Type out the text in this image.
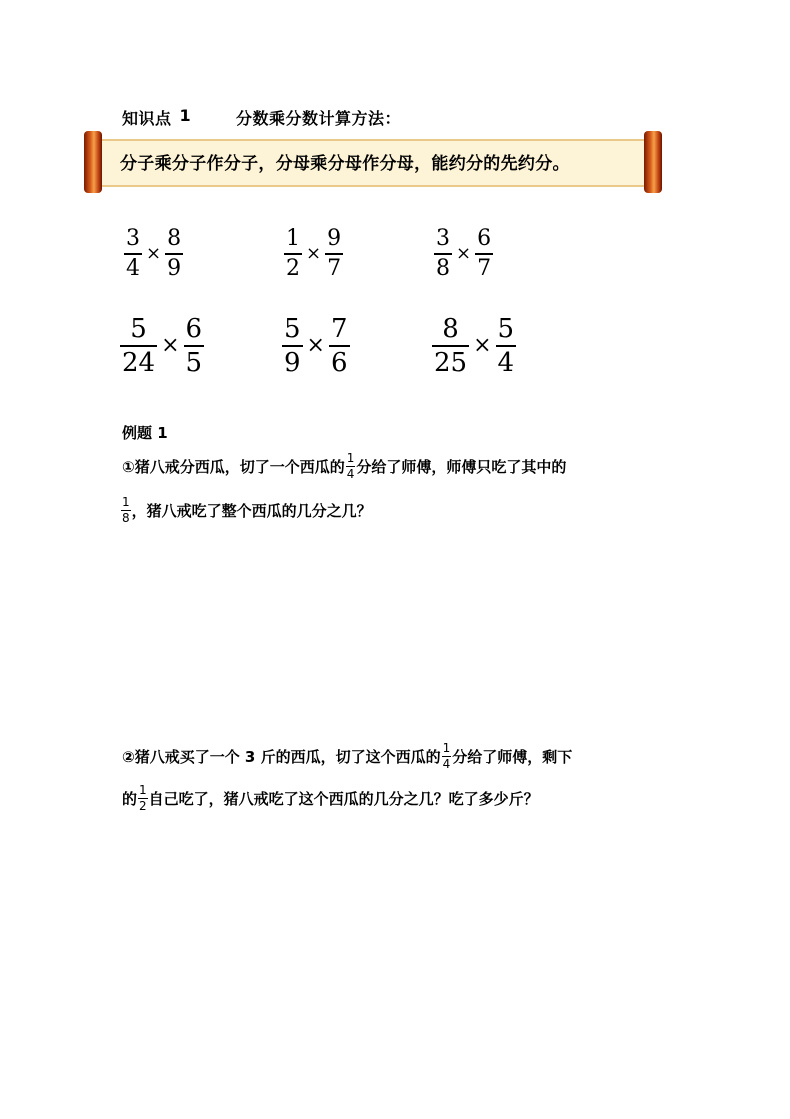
知识点 1	分数乘分数计算方法：
分子乘分子作分子，分母乘分母作分母，能约分的先约分。
$\frac{3}{4} \times \frac{8}{9}$	$\frac{1}{2} \times \frac{9}{7}$	$\frac{3}{8} \times \frac{6}{7}$
$\frac{5}{24} \times \frac{6}{5}$	$\frac{5}{9} \times \frac{7}{6}$	$\frac{8}{25} \times \frac{5}{4}$
例题 1
①猪八戒分西瓜，切了一个西瓜的 1
4 分给了师傅，师傅只吃了其中的
1
8 ，猪八戒吃了整个西瓜的几分之几？
②猪八戒买了一个 3 斤的西瓜，切了这个西瓜的 1
4 分给了师傅，剩下
的 1
2 自己吃了，猪八戒吃了这个西瓜的几分之几？吃了多少斤？
